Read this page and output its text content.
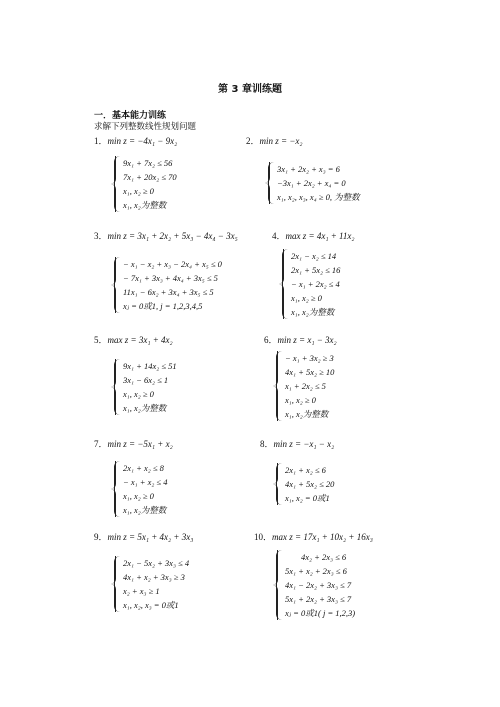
第 3 章训练题
一．基本能力训练
求解下列整数线性规划问题
1．min z = −4x₁ − 9x₂
9x₁ + 7x₂ ≤ 56
7x₁ + 20x₂ ≤ 70
x₁, x₂ ≥ 0
x₁, x₂为整数
2．min z = −x₂
3x₁ + 2x₂ + x₃ = 6
−3x₁ + 2x₂ + x₄ = 0
x₁, x₂, x₃, x₄ ≥ 0, 为整数
3．min z = 3x₁ + 2x₂ + 5x₃ − 4x₄ − 3x₅
− x₁ − x₂ + x₃ − 2x₄ + x₅ ≤ 0
− 7x₁ + 3x₃ + 4x₄ + 3x₅ ≤ 5
11x₁ − 6x₂ + 3x₄ + 3x₅ ≤ 5
xⱼ = 0或1, j = 1,2,3,4,5
4．max z = 4x₁ + 11x₂
2x₁ − x₂ ≤ 14
2x₁ + 5x₂ ≤ 16
− x₁ + 2x₂ ≤ 4
x₁, x₂ ≥ 0
x₁, x₂为整数
5．max z = 3x₁ + 4x₂
9x₁ + 14x₂ ≤ 51
3x₁ − 6x₂ ≤ 1
x₁, x₂ ≥ 0
x₁, x₂为整数
6．min z = x₁ − 3x₂
− x₁ + 3x₂ ≥ 3
4x₁ + 5x₂ ≥ 10
x₁ + 2x₂ ≤ 5
x₁, x₂ ≥ 0
x₁, x₂为整数
7．min z = −5x₁ + x₂
2x₁ + x₂ ≤ 8
− x₁ + x₂ ≤ 4
x₁, x₂ ≥ 0
x₁, x₂为整数
8．min z = −x₁ − x₂
2x₁ + x₂ ≤ 6
4x₁ + 5x₂ ≤ 20
x₁, x₂ = 0或1
9．min z = 5x₁ + 4x₂ + 3x₃
2x₁ − 5x₂ + 3x₃ ≤ 4
4x₁ + x₂ + 3x₃ ≥ 3
x₂ + x₃ ≥ 1
x₁, x₂, x₃ = 0或1
10．max z = 17x₁ + 10x₂ + 16x₃
4x₂ + 2x₃ ≤ 6
5x₁ + x₂ + 2x₃ ≤ 6
4x₁ − 2x₂ + 3x₃ ≤ 7
5x₁ + 2x₂ + 3x₃ ≤ 7
xⱼ = 0或1( j = 1,2,3)
